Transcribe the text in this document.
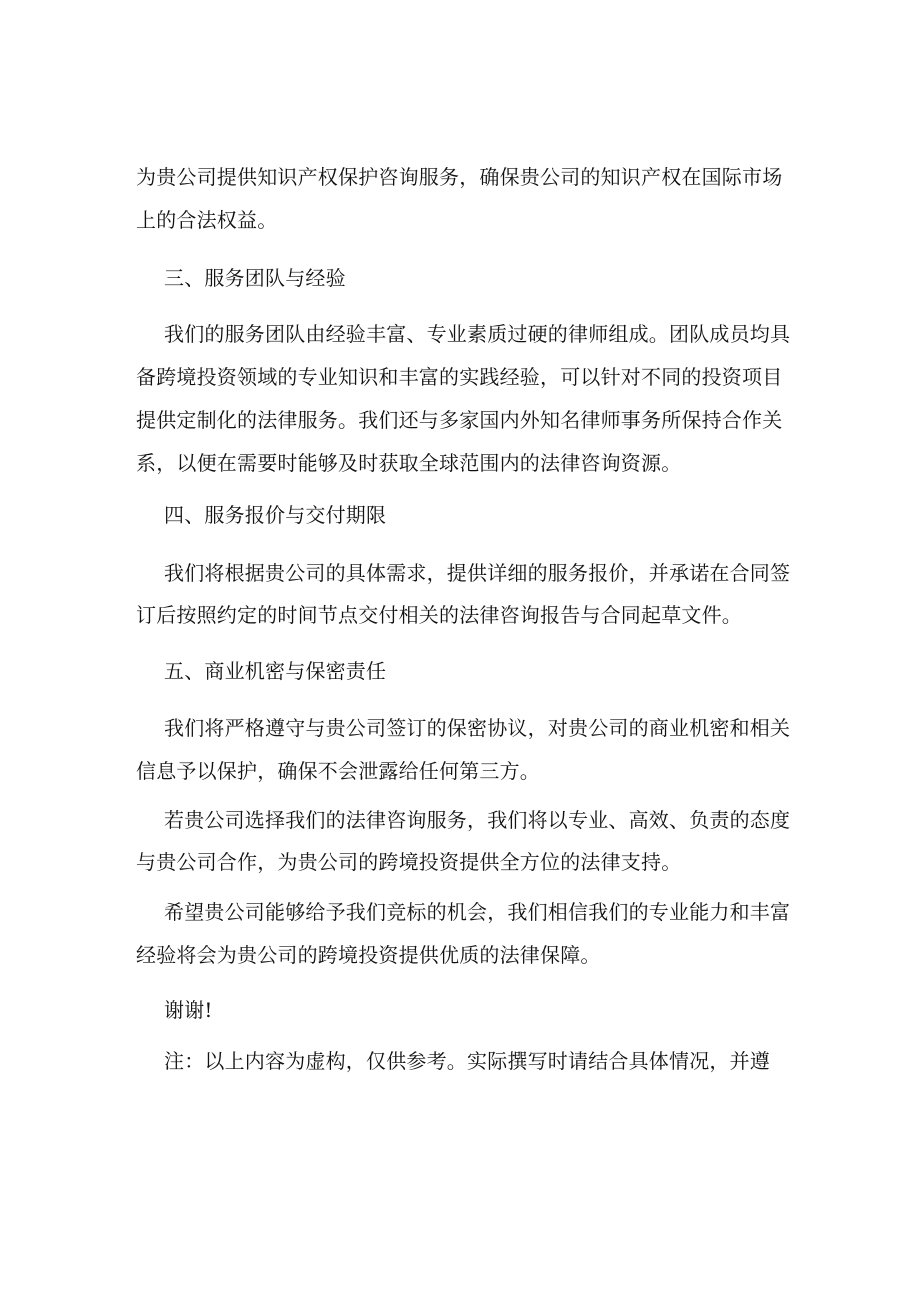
为贵公司提供知识产权保护咨询服务，确保贵公司的知识产权在国际市场
上的合法权益。
三、服务团队与经验
我们的服务团队由经验丰富、专业素质过硬的律师组成。团队成员均具
备跨境投资领域的专业知识和丰富的实践经验，可以针对不同的投资项目
提供定制化的法律服务。我们还与多家国内外知名律师事务所保持合作关
系，以便在需要时能够及时获取全球范围内的法律咨询资源。
四、服务报价与交付期限
我们将根据贵公司的具体需求，提供详细的服务报价，并承诺在合同签
订后按照约定的时间节点交付相关的法律咨询报告与合同起草文件。
五、商业机密与保密责任
我们将严格遵守与贵公司签订的保密协议，对贵公司的商业机密和相关
信息予以保护，确保不会泄露给任何第三方。
若贵公司选择我们的法律咨询服务，我们将以专业、高效、负责的态度
与贵公司合作，为贵公司的跨境投资提供全方位的法律支持。
希望贵公司能够给予我们竞标的机会，我们相信我们的专业能力和丰富
经验将会为贵公司的跨境投资提供优质的法律保障。
谢谢!
注：以上内容为虚构，仅供参考。实际撰写时请结合具体情况，并遵
